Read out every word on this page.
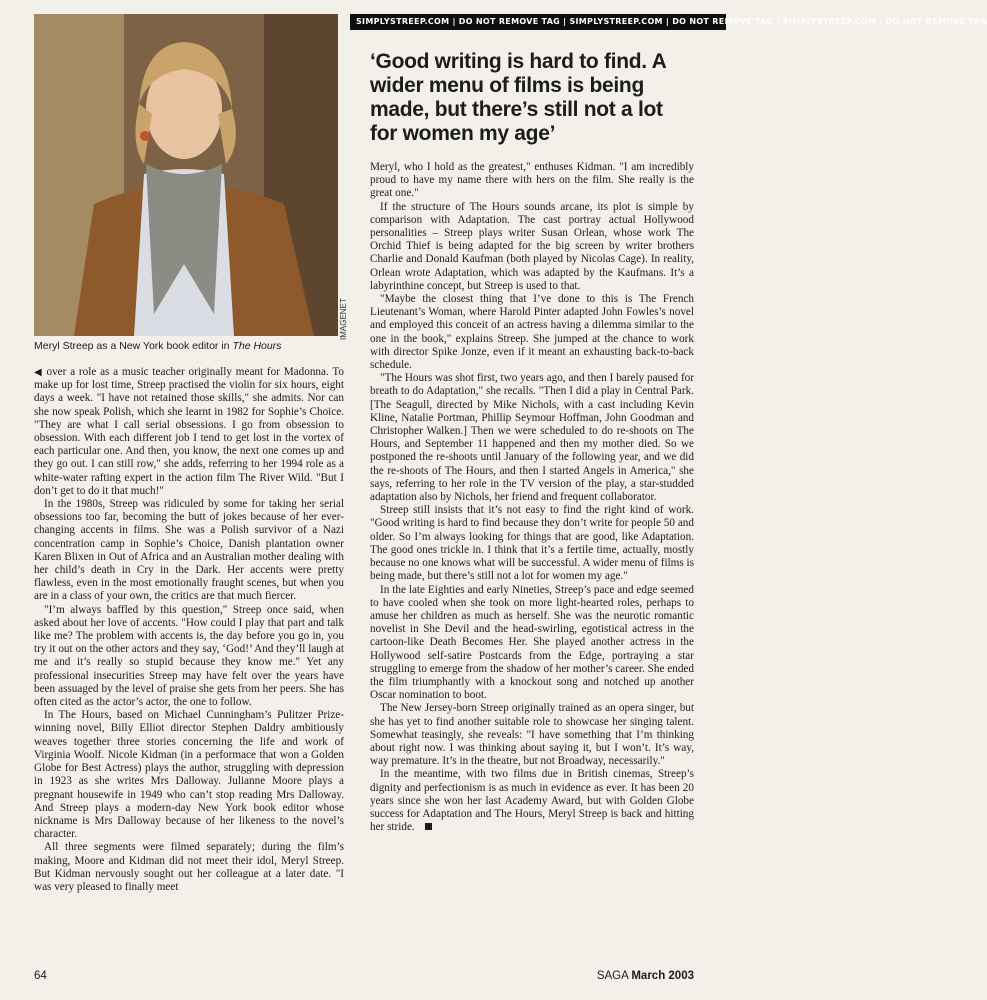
IMAGENET
Meryl Streep as a New York book editor in The Hours
SIMPLYSTREEP.COM | DO NOT REMOVE TAG | SIMPLYSTREEP.COM | DO NOT REMOVE TAG | SIMPLYSTREEP.COM | DO NOT REMOVE TAG
‘Good writing is hard to find. A wider menu of films is being made, but there’s still not a lot for women my age’

◀ over a role as a music teacher originally meant for Madonna. To make up for lost time, Streep practised the violin for six hours, eight days a week. "I have not retained those skills," she admits. Nor can she now speak Polish, which she learnt in 1982 for Sophie’s Choice. "They are what I call serial obsessions. I go from obsession to obsession. With each different job I tend to get lost in the vortex of each particular one. And then, you know, the next one comes up and they go out. I can still row," she adds, referring to her 1994 role as a white-water rafting expert in the action film The River Wild. "But I don’t get to do it that much!"

In the 1980s, Streep was ridiculed by some for taking her serial obsessions too far, becoming the butt of jokes because of her ever-changing accents in films. She was a Polish survivor of a Nazi concentration camp in Sophie’s Choice, Danish plantation owner Karen Blixen in Out of Africa and an Australian mother dealing with her child’s death in Cry in the Dark. Her accents were pretty flawless, even in the most emotionally fraught scenes, but when you are in a class of your own, the critics are that much fiercer.

"I’m always baffled by this question," Streep once said, when asked about her love of accents. "How could I play that part and talk like me? The problem with accents is, the day before you go in, you try it out on the other actors and they say, ‘God!’ And they’ll laugh at me and it’s really so stupid because they know me." Yet any professional insecurities Streep may have felt over the years have been assuaged by the level of praise she gets from her peers. She has often cited as the actor’s actor, the one to follow.

In The Hours, based on Michael Cunningham’s Pulitzer Prize-winning novel, Billy Elliot director Stephen Daldry ambitiously weaves together three stories concerning the life and work of Virginia Woolf. Nicole Kidman (in a performace that won a Golden Globe for Best Actress) plays the author, struggling with depression in 1923 as she writes Mrs Dalloway. Julianne Moore plays a pregnant housewife in 1949 who can’t stop reading Mrs Dalloway. And Streep plays a modern-day New York book editor whose nickname is Mrs Dalloway because of her likeness to the novel’s character.

All three segments were filmed separately; during the film’s making, Moore and Kidman did not meet their idol, Meryl Streep. But Kidman nervously sought out her colleague at a later date. "I was very pleased to finally meet

Meryl, who I hold as the greatest," enthuses Kidman. "I am incredibly proud to have my name there with hers on the film. She really is the great one."

If the structure of The Hours sounds arcane, its plot is simple by comparison with Adaptation. The cast portray actual Hollywood personalities – Streep plays writer Susan Orlean, whose work The Orchid Thief is being adapted for the big screen by writer brothers Charlie and Donald Kaufman (both played by Nicolas Cage). In reality, Orlean wrote Adaptation, which was adapted by the Kaufmans. It’s a labyrinthine concept, but Streep is used to that.

"Maybe the closest thing that I’ve done to this is The French Lieutenant’s Woman, where Harold Pinter adapted John Fowles’s novel and employed this conceit of an actress having a dilemma similar to the one in the book," explains Streep. She jumped at the chance to work with director Spike Jonze, even if it meant an exhausting back-to-back schedule.

"The Hours was shot first, two years ago, and then I barely paused for breath to do Adaptation," she recalls. "Then I did a play in Central Park. [The Seagull, directed by Mike Nichols, with a cast including Kevin Kline, Natalie Portman, Phillip Seymour Hoffman, John Goodman and Christopher Walken.] Then we were scheduled to do re-shoots on The Hours, and September 11 happened and then my mother died. So we postponed the re-shoots until January of the following year, and we did the re-shoots of The Hours, and then I started Angels in America," she says, referring to her role in the TV version of the play, a star-studded adaptation also by Nichols, her friend and frequent collaborator.

Streep still insists that it’s not easy to find the right kind of work. "Good writing is hard to find because they don’t write for people 50 and older. So I’m always looking for things that are good, like Adaptation. The good ones trickle in. I think that it’s a fertile time, actually, mostly because no one knows what will be successful. A wider menu of films is being made, but there’s still not a lot for women my age."

In the late Eighties and early Nineties, Streep’s pace and edge seemed to have cooled when she took on more light-hearted roles, perhaps to amuse her children as much as herself. She was the neurotic romantic novelist in She Devil and the head-swirling, egotistical actress in the cartoon-like Death Becomes Her. She played another actress in the Hollywood self-satire Postcards from the Edge, portraying a star struggling to emerge from the shadow of her mother’s career. She ended the film triumphantly with a knockout song and notched up another Oscar nomination to boot.

The New Jersey-born Streep originally trained as an opera singer, but she has yet to find another suitable role to showcase her singing talent. Somewhat teasingly, she reveals: "I have something that I’m thinking about right now. I was thinking about saying it, but I won’t. It’s way, way premature. It’s in the theatre, but not Broadway, necessarily."

In the meantime, with two films due in British cinemas, Streep’s dignity and perfectionism is as much in evidence as ever. It has been 20 years since she won her last Academy Award, but with Golden Globe success for Adaptation and The Hours, Meryl Streep is back and hitting her stride.

64	SAGA March 2003
